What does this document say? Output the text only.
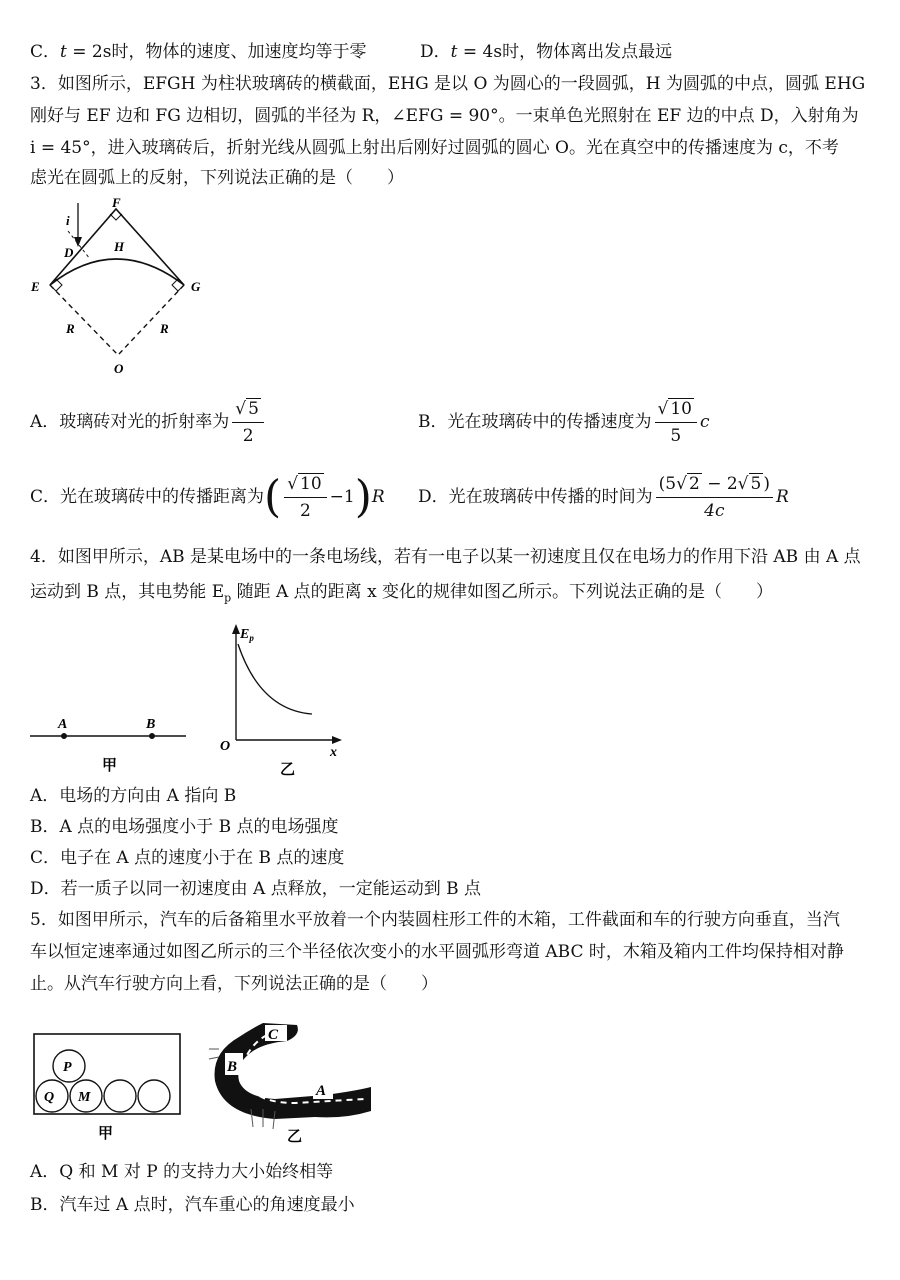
C．t = 2s时，物体的速度、加速度均等于零	D．t = 4s时，物体离出发点最远
3．如图所示，EFGH 为柱状玻璃砖的横截面，EHG 是以 O 为圆心的一段圆弧，H 为圆弧的中点，圆弧 EHG
刚好与 EF 边和 FG 边相切，圆弧的半径为 R，∠EFG = 90°。一束单色光照射在 EF 边的中点 D，入射角为
i = 45°，进入玻璃砖后，折射光线从圆弧上射出后刚好过圆弧的圆心 O。光在真空中的传播速度为 c，不考
虑光在圆弧上的反射，下列说法正确的是（　　）
F
E	G
H
D
i
R	R
O
A．玻璃砖对光的折射率为 $\frac{√ 5}{2}$	B．光在玻璃砖中的传播速度为 $\frac{√ 10}{5}$ c
C．光在玻璃砖中的传播距离为( $\frac{√ 10}{2} -1)R$ D．光在玻璃砖中传播的时间为 $\frac{(5√ 2 - 2√ 5 )}{4c}$ R
4．如图甲所示，AB 是某电场中的一条电场线，若有一电子以某一初速度且仅在电场力的作用下沿 AB 由 A 点
运动到 B 点，其电势能 $E_p$ 随距 A 点的距离 x 变化的规律如图乙所示。下列说法正确的是（　　）
A	B
甲
$E_p$
O	x
乙
A．电场的方向由 A 指向 B
B．A 点的电场强度小于 B 点的电场强度
C．电子在 A 点的速度小于在 B 点的速度
D．若一质子以同一初速度由 A 点释放，一定能运动到 B 点
5．如图甲所示，汽车的后备箱里水平放着一个内装圆柱形工件的木箱，工件截面和车的行驶方向垂直，当汽
车以恒定速率通过如图乙所示的三个半径依次变小的水平圆弧形弯道 ABC 时，木箱及箱内工件均保持相对静
止。从汽车行驶方向上看，下列说法正确的是（　　）
P
Q M
甲
C
B
A
乙
A．Q 和 M 对 P 的支持力大小始终相等
B．汽车过 A 点时，汽车重心的角速度最小
